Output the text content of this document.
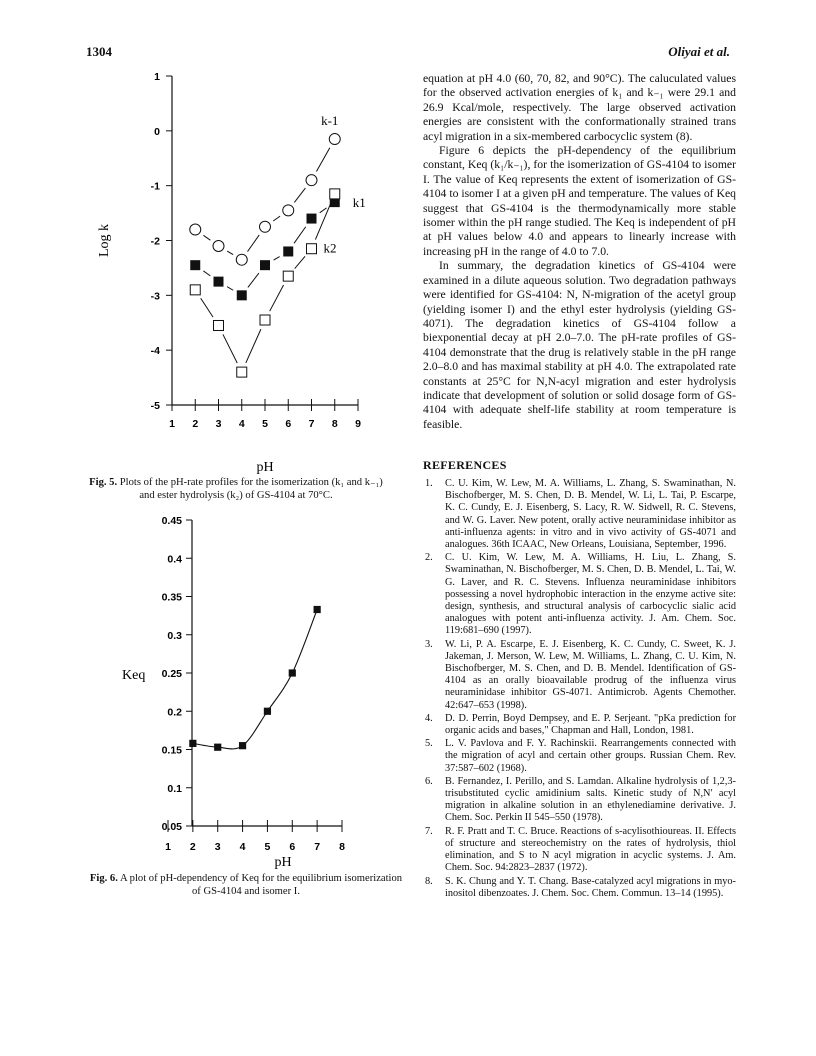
1304	Oliyai et al.
1
0
-1
-2
-3
-4
-5
1 2 3 4 5 6 7 8 9
pH
Log k
k-1
k1
k2
Fig. 5. Plots of the pH-rate profiles for the isomerization (k₁ and k₋₁) and ester hydrolysis (k₂) of GS-4104 at 70°C.
0.45
0.4
0.35
0.3
0.25
0.2
0.15
0.1
0.05
1 2 3 4 5 6 7 8
pH
Keq
Fig. 6. A plot of pH-dependency of Keq for the equilibrium isomerization of GS-4104 and isomer I.

equation at pH 4.0 (60, 70, 82, and 90°C). The caluculated values for the observed activation energies of k₁ and k₋₁ were 29.1 and 26.9 Kcal/mole, respectively. The large observed activation energies are consistent with the conformationally strained trans acyl migration in a six-membered carbocyclic system (8).

Figure 6 depicts the pH-dependency of the equilibrium constant, Keq (k₁/k₋₁), for the isomerization of GS-4104 to isomer I. The value of Keq represents the extent of isomerization of GS-4104 to isomer I at a given pH and temperature. The values of Keq suggest that GS-4104 is the thermodynamically more stable isomer within the pH range studied. The Keq is independent of pH at pH values below 4.0 and appears to linearly increase with increasing pH in the range of 4.0 to 7.0.

In summary, the degradation kinetics of GS-4104 were examined in a dilute aqueous solution. Two degradation pathways were identified for GS-4104: N, N-migration of the acetyl group (yielding isomer I) and the ethyl ester hydrolysis (yielding GS-4071). The degradation kinetics of GS-4104 follow a biexponential decay at pH 2.0–7.0. The pH-rate profiles of GS-4104 demonstrate that the drug is relatively stable in the pH range 2.0–8.0 and has maximal stability at pH 4.0. The extrapolated rate constants at 25°C for N,N-acyl migration and ester hydrolysis indicate that development of solution or solid dosage form of GS-4104 with adequate shelf-life stability at room temperature is feasible.

REFERENCES
1. C. U. Kim, W. Lew, M. A. Williams, L. Zhang, S. Swaminathan, N. Bischofberger, M. S. Chen, D. B. Mendel, W. Li, L. Tai, P. Escarpe, K. C. Cundy, E. J. Eisenberg, S. Lacy, R. W. Sidwell, R. C. Stevens, and W. G. Laver. New potent, orally active neuraminidase inhibitor as anti-influenza agents: in vitro and in vivo activity of GS-4071 and analogues. 36th ICAAC, New Orleans, Louisiana, September, 1996.
2. C. U. Kim, W. Lew, M. A. Williams, H. Liu, L. Zhang, S. Swaminathan, N. Bischofberger, M. S. Chen, D. B. Mendel, L. Tai, W. G. Laver, and R. C. Stevens. Influenza neuraminidase inhibitors possessing a novel hydrophobic interaction in the enzyme active site: design, synthesis, and structural analysis of carbocyclic sialic acid analogues with potent anti-influenza activity. J. Am. Chem. Soc. 119:681–690 (1997).
3. W. Li, P. A. Escarpe, E. J. Eisenberg, K. C. Cundy, C. Sweet, K. J. Jakeman, J. Merson, W. Lew, M. Williams, L. Zhang, C. U. Kim, N. Bischofberger, M. S. Chen, and D. B. Mendel. Identification of GS-4104 as an orally bioavailable prodrug of the influenza virus neuraminidase inhibitor GS-4071. Antimicrob. Agents Chemother. 42:647–653 (1998).
4. D. D. Perrin, Boyd Dempsey, and E. P. Serjeant. "pKa prediction for organic acids and bases," Chapman and Hall, London, 1981.
5. L. V. Pavlova and F. Y. Rachinskii. Rearrangements connected with the migration of acyl and certain other groups. Russian Chem. Rev. 37:587–602 (1968).
6. B. Fernandez, I. Perillo, and S. Lamdan. Alkaline hydrolysis of 1,2,3-trisubstituted cyclic amidinium salts. Kinetic study of N,N′ acyl migration in alkaline solution in an ethylenediamine derivative. J. Chem. Soc. Perkin II 545–550 (1978).
7. R. F. Pratt and T. C. Bruce. Reactions of s-acylisothioureas. II. Effects of structure and stereochemistry on the rates of hydrolysis, thiol elimination, and S to N acyl migration in acyclic systems. J. Am. Chem. Soc. 94:2823–2837 (1972).
8. S. K. Chung and Y. T. Chang. Base-catalyzed acyl migrations in myo-inositol dibenzoates. J. Chem. Soc. Chem. Commun. 13–14 (1995).
